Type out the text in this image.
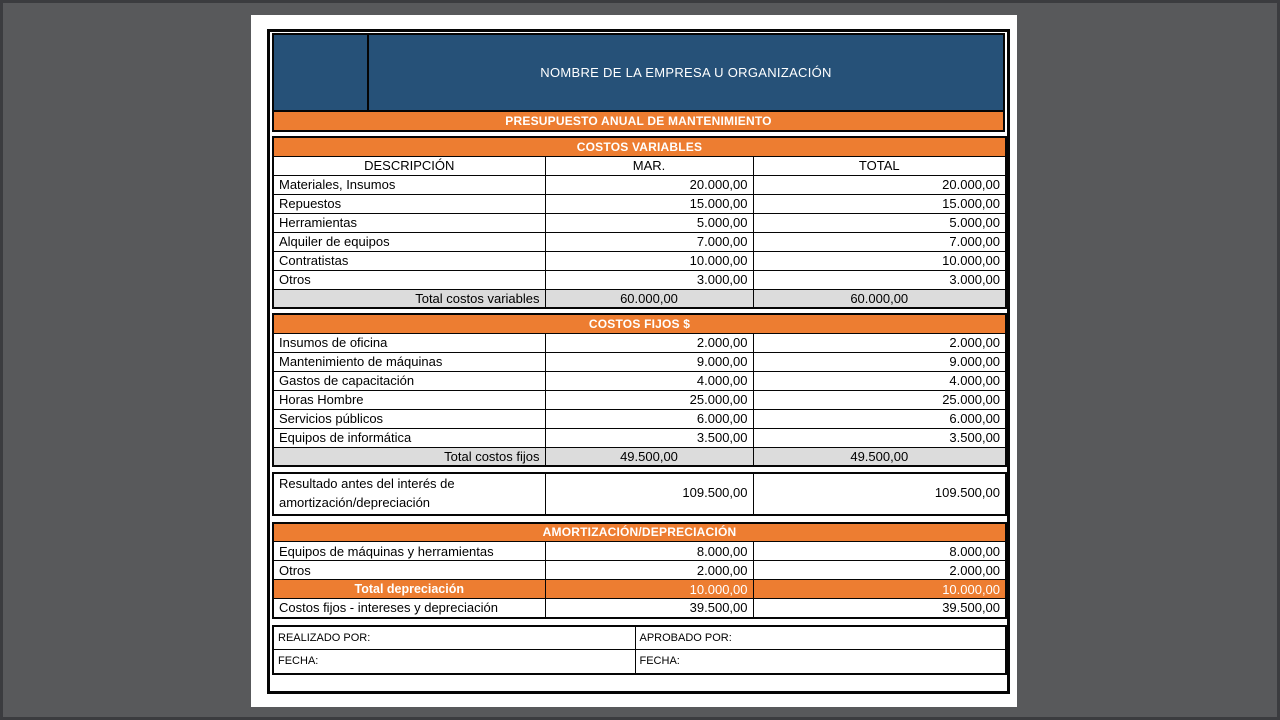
NOMBRE DE LA EMPRESA U ORGANIZACIÓN
PRESUPUESTO ANUAL DE MANTENIMIENTO
COSTOS VARIABLES		
DESCRIPCIÓN	MAR.	TOTAL
Materiales, Insumos	20.000,00	20.000,00
Repuestos	15.000,00	15.000,00
Herramientas	5.000,00	5.000,00
Alquiler de equipos	7.000,00	7.000,00
Contratistas	10.000,00	10.000,00
Otros	3.000,00	3.000,00
Total costos variables	60.000,00	60.000,00
COSTOS FIJOS $		
Insumos de oficina	2.000,00	2.000,00
Mantenimiento de máquinas	9.000,00	9.000,00
Gastos de capacitación	4.000,00	4.000,00
Horas Hombre	25.000,00	25.000,00
Servicios públicos	6.000,00	6.000,00
Equipos de informática	3.500,00	3.500,00
Total costos fijos	49.500,00	49.500,00
Resultado antes del interés de amortización/depreciación	109.500,00	109.500,00
AMORTIZACIÓN/DEPRECIACIÓN		
Equipos de máquinas y herramientas	8.000,00	8.000,00
Otros	2.000,00	2.000,00
Total depreciación	10.000,00	10.000,00
Costos fijos - intereses y depreciación	39.500,00	39.500,00
REALIZADO POR:	APROBADO POR:
FECHA:	FECHA:
